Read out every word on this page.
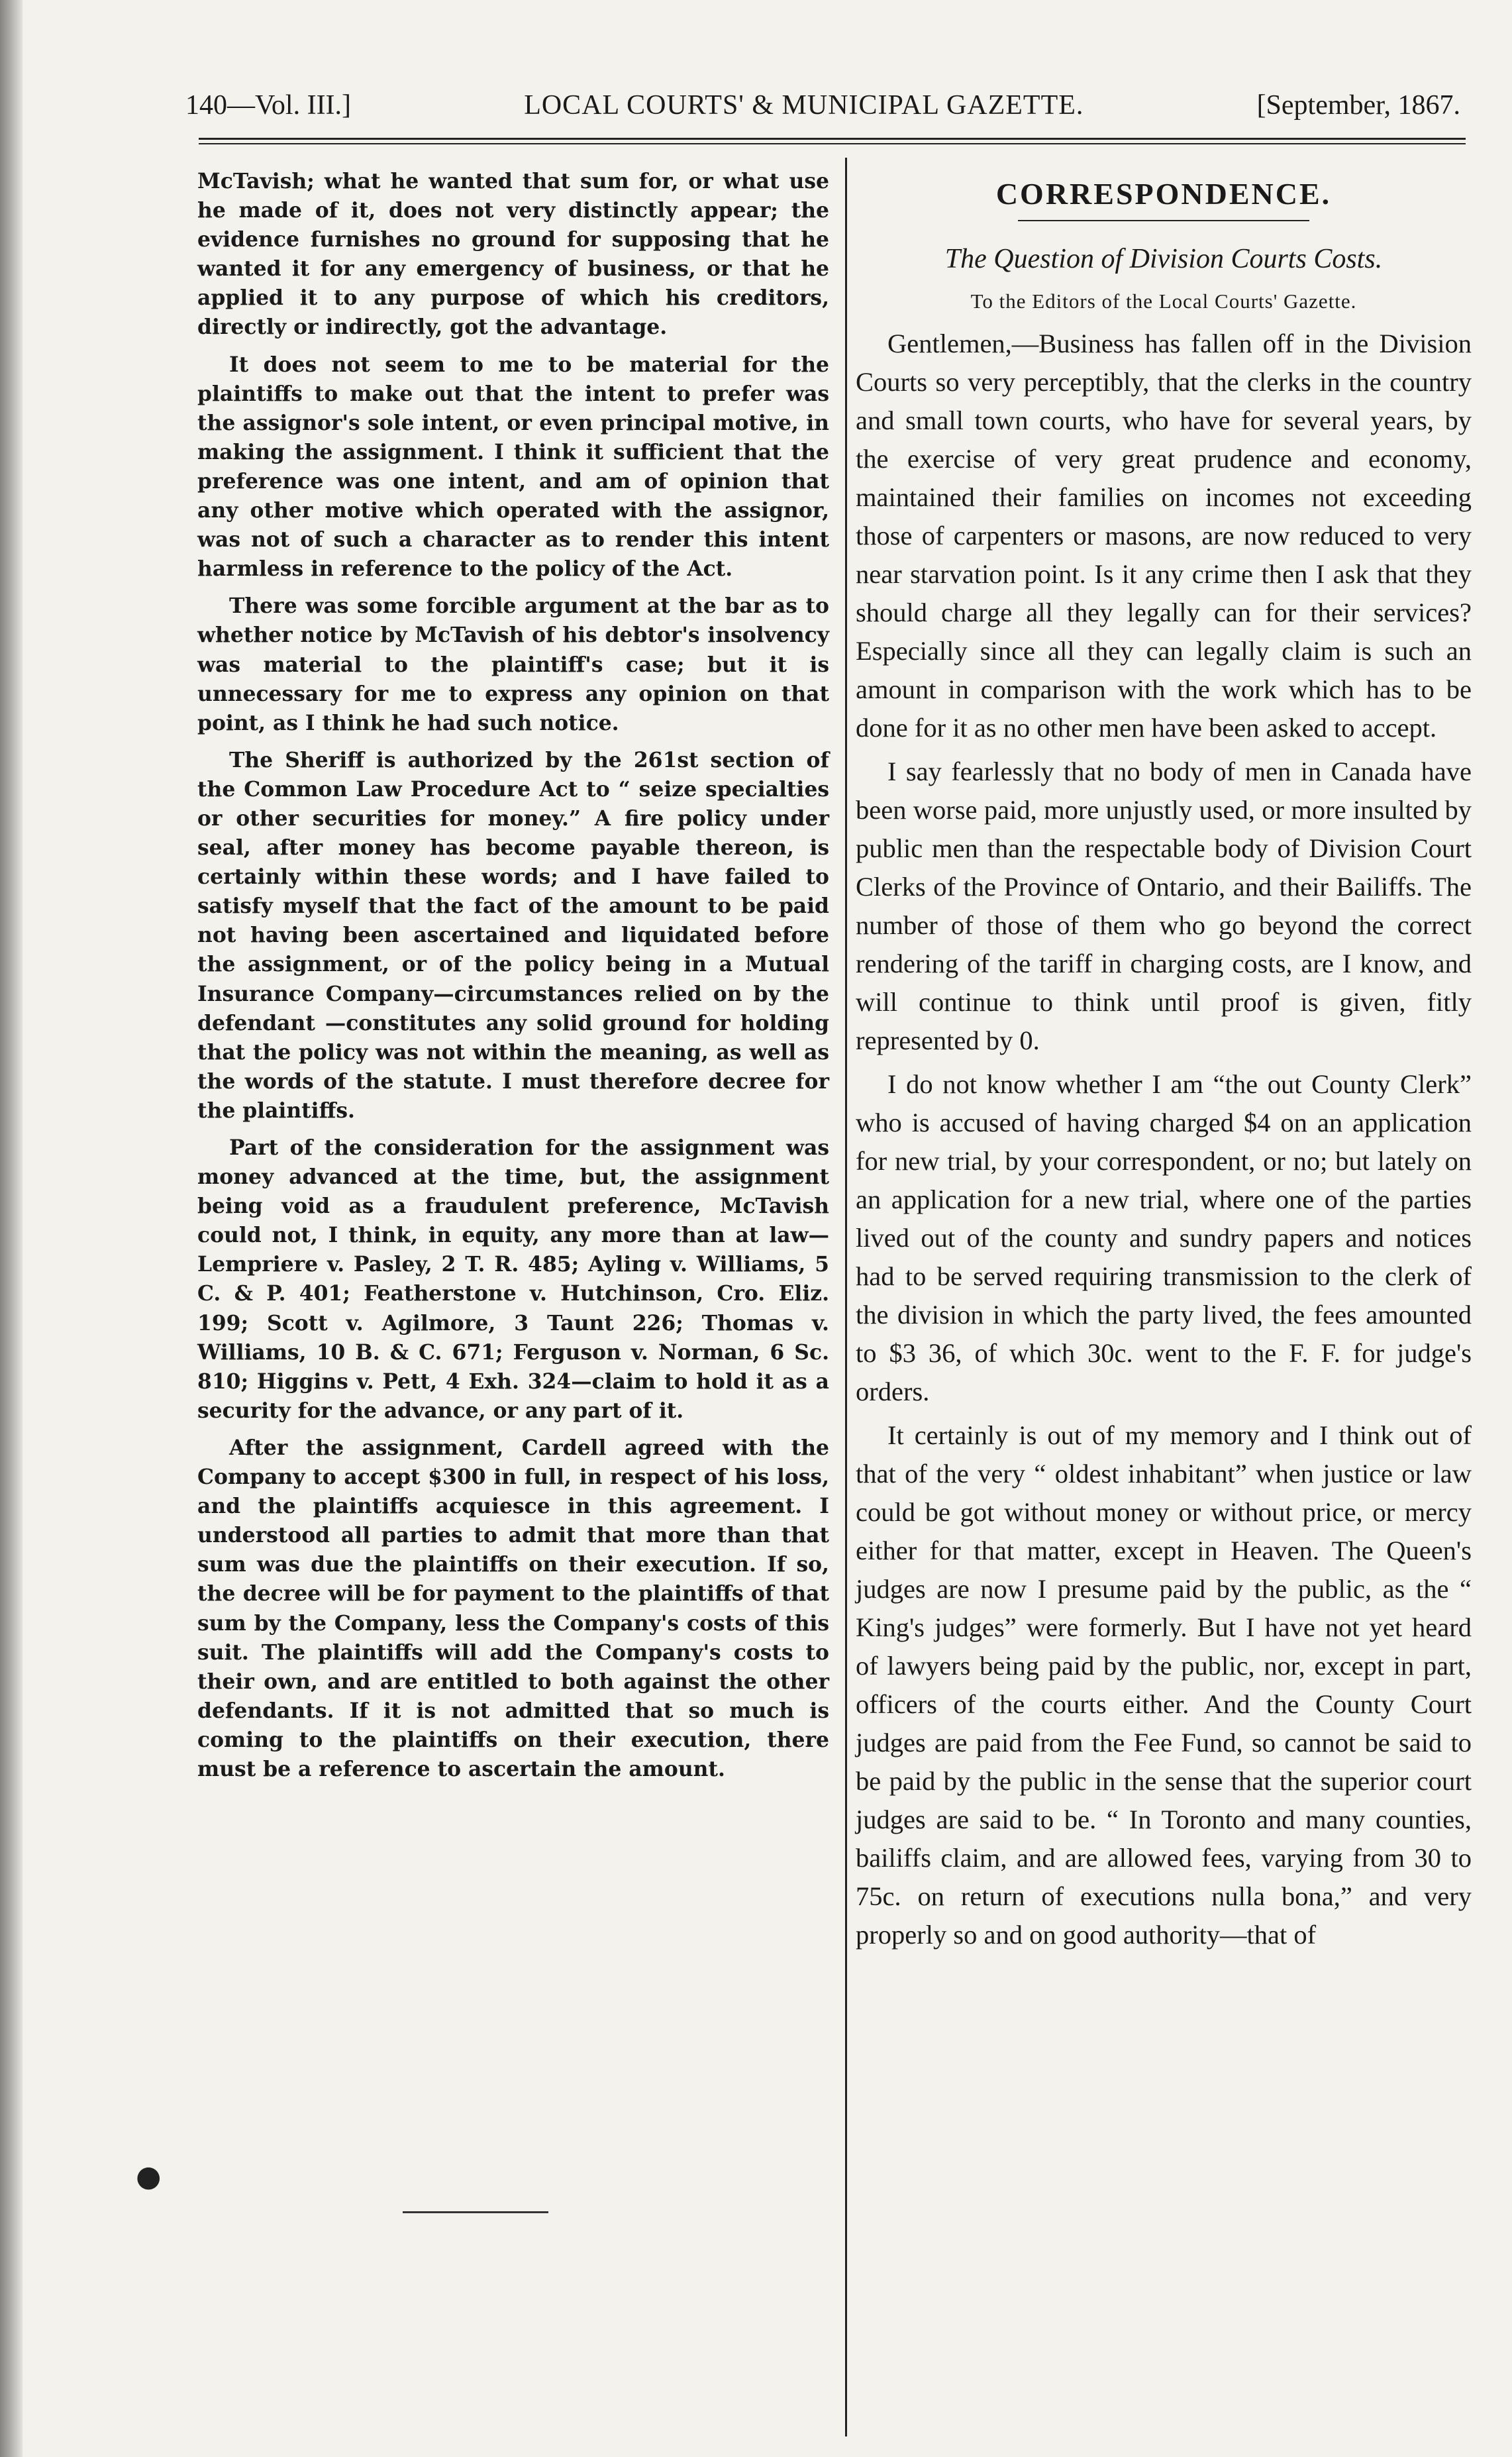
140—Vol. III.]	LOCAL COURTS' & MUNICIPAL GAZETTE.	[September, 1867.

McTavish; what he wanted that sum for, or what use he made of it, does not very distinctly appear; the evidence furnishes no ground for supposing that he wanted it for any emergency of business, or that he applied it to any purpose of which his creditors, directly or indirectly, got the advantage.

It does not seem to me to be material for the plaintiffs to make out that the intent to prefer was the assignor's sole intent, or even principal motive, in making the assignment. I think it sufficient that the preference was one intent, and am of opinion that any other motive which operated with the assignor, was not of such a character as to render this intent harmless in reference to the policy of the Act.

There was some forcible argument at the bar as to whether notice by McTavish of his debtor's insolvency was material to the plaintiff's case; but it is unnecessary for me to express any opinion on that point, as I think he had such notice.

The Sheriff is authorized by the 261st section of the Common Law Procedure Act to “ seize specialties or other securities for money.” A fire policy under seal, after money has become payable thereon, is certainly within these words; and I have failed to satisfy myself that the fact of the amount to be paid not having been ascertained and liquidated before the assignment, or of the policy being in a Mutual Insurance Company—circumstances relied on by the defendant —constitutes any solid ground for holding that the policy was not within the meaning, as well as the words of the statute. I must therefore decree for the plaintiffs.

Part of the consideration for the assignment was money advanced at the time, but, the assignment being void as a fraudulent preference, McTavish could not, I think, in equity, any more than at law—Lempriere v. Pasley, 2 T. R. 485; Ayling v. Williams, 5 C. & P. 401; Featherstone v. Hutchinson, Cro. Eliz. 199; Scott v. Agilmore, 3 Taunt 226; Thomas v. Williams, 10 B. & C. 671; Ferguson v. Norman, 6 Sc. 810; Higgins v. Pett, 4 Exh. 324—claim to hold it as a security for the advance, or any part of it.

After the assignment, Cardell agreed with the Company to accept $300 in full, in respect of his loss, and the plaintiffs acquiesce in this agreement. I understood all parties to admit that more than that sum was due the plaintiffs on their execution. If so, the decree will be for payment to the plaintiffs of that sum by the Company, less the Company's costs of this suit. The plaintiffs will add the Company's costs to their own, and are entitled to both against the other defendants. If it is not admitted that so much is coming to the plaintiffs on their execution, there must be a reference to ascertain the amount.

CORRESPONDENCE.
The Question of Division Courts Costs.
To the Editors of the Local Courts' Gazette.

Gentlemen,—Business has fallen off in the Division Courts so very perceptibly, that the clerks in the country and small town courts, who have for several years, by the exercise of very great prudence and economy, maintained their families on incomes not exceeding those of carpenters or masons, are now reduced to very near starvation point. Is it any crime then I ask that they should charge all they legally can for their services? Especially since all they can legally claim is such an amount in comparison with the work which has to be done for it as no other men have been asked to accept.

I say fearlessly that no body of men in Canada have been worse paid, more unjustly used, or more insulted by public men than the respectable body of Division Court Clerks of the Province of Ontario, and their Bailiffs. The number of those of them who go beyond the correct rendering of the tariff in charging costs, are I know, and will continue to think until proof is given, fitly represented by 0.

I do not know whether I am “the out County Clerk” who is accused of having charged $4 on an application for new trial, by your correspondent, or no; but lately on an application for a new trial, where one of the parties lived out of the county and sundry papers and notices had to be served requiring transmission to the clerk of the division in which the party lived, the fees amounted to $3 36, of which 30c. went to the F. F. for judge's orders.

It certainly is out of my memory and I think out of that of the very “ oldest inhabitant” when justice or law could be got without money or without price, or mercy either for that matter, except in Heaven. The Queen's judges are now I presume paid by the public, as the “ King's judges” were formerly. But I have not yet heard of lawyers being paid by the public, nor, except in part, officers of the courts either. And the County Court judges are paid from the Fee Fund, so cannot be said to be paid by the public in the sense that the superior court judges are said to be. “ In Toronto and many counties, bailiffs claim, and are allowed fees, varying from 30 to 75c. on return of executions nulla bona,” and very properly so and on good authority—that of

●
